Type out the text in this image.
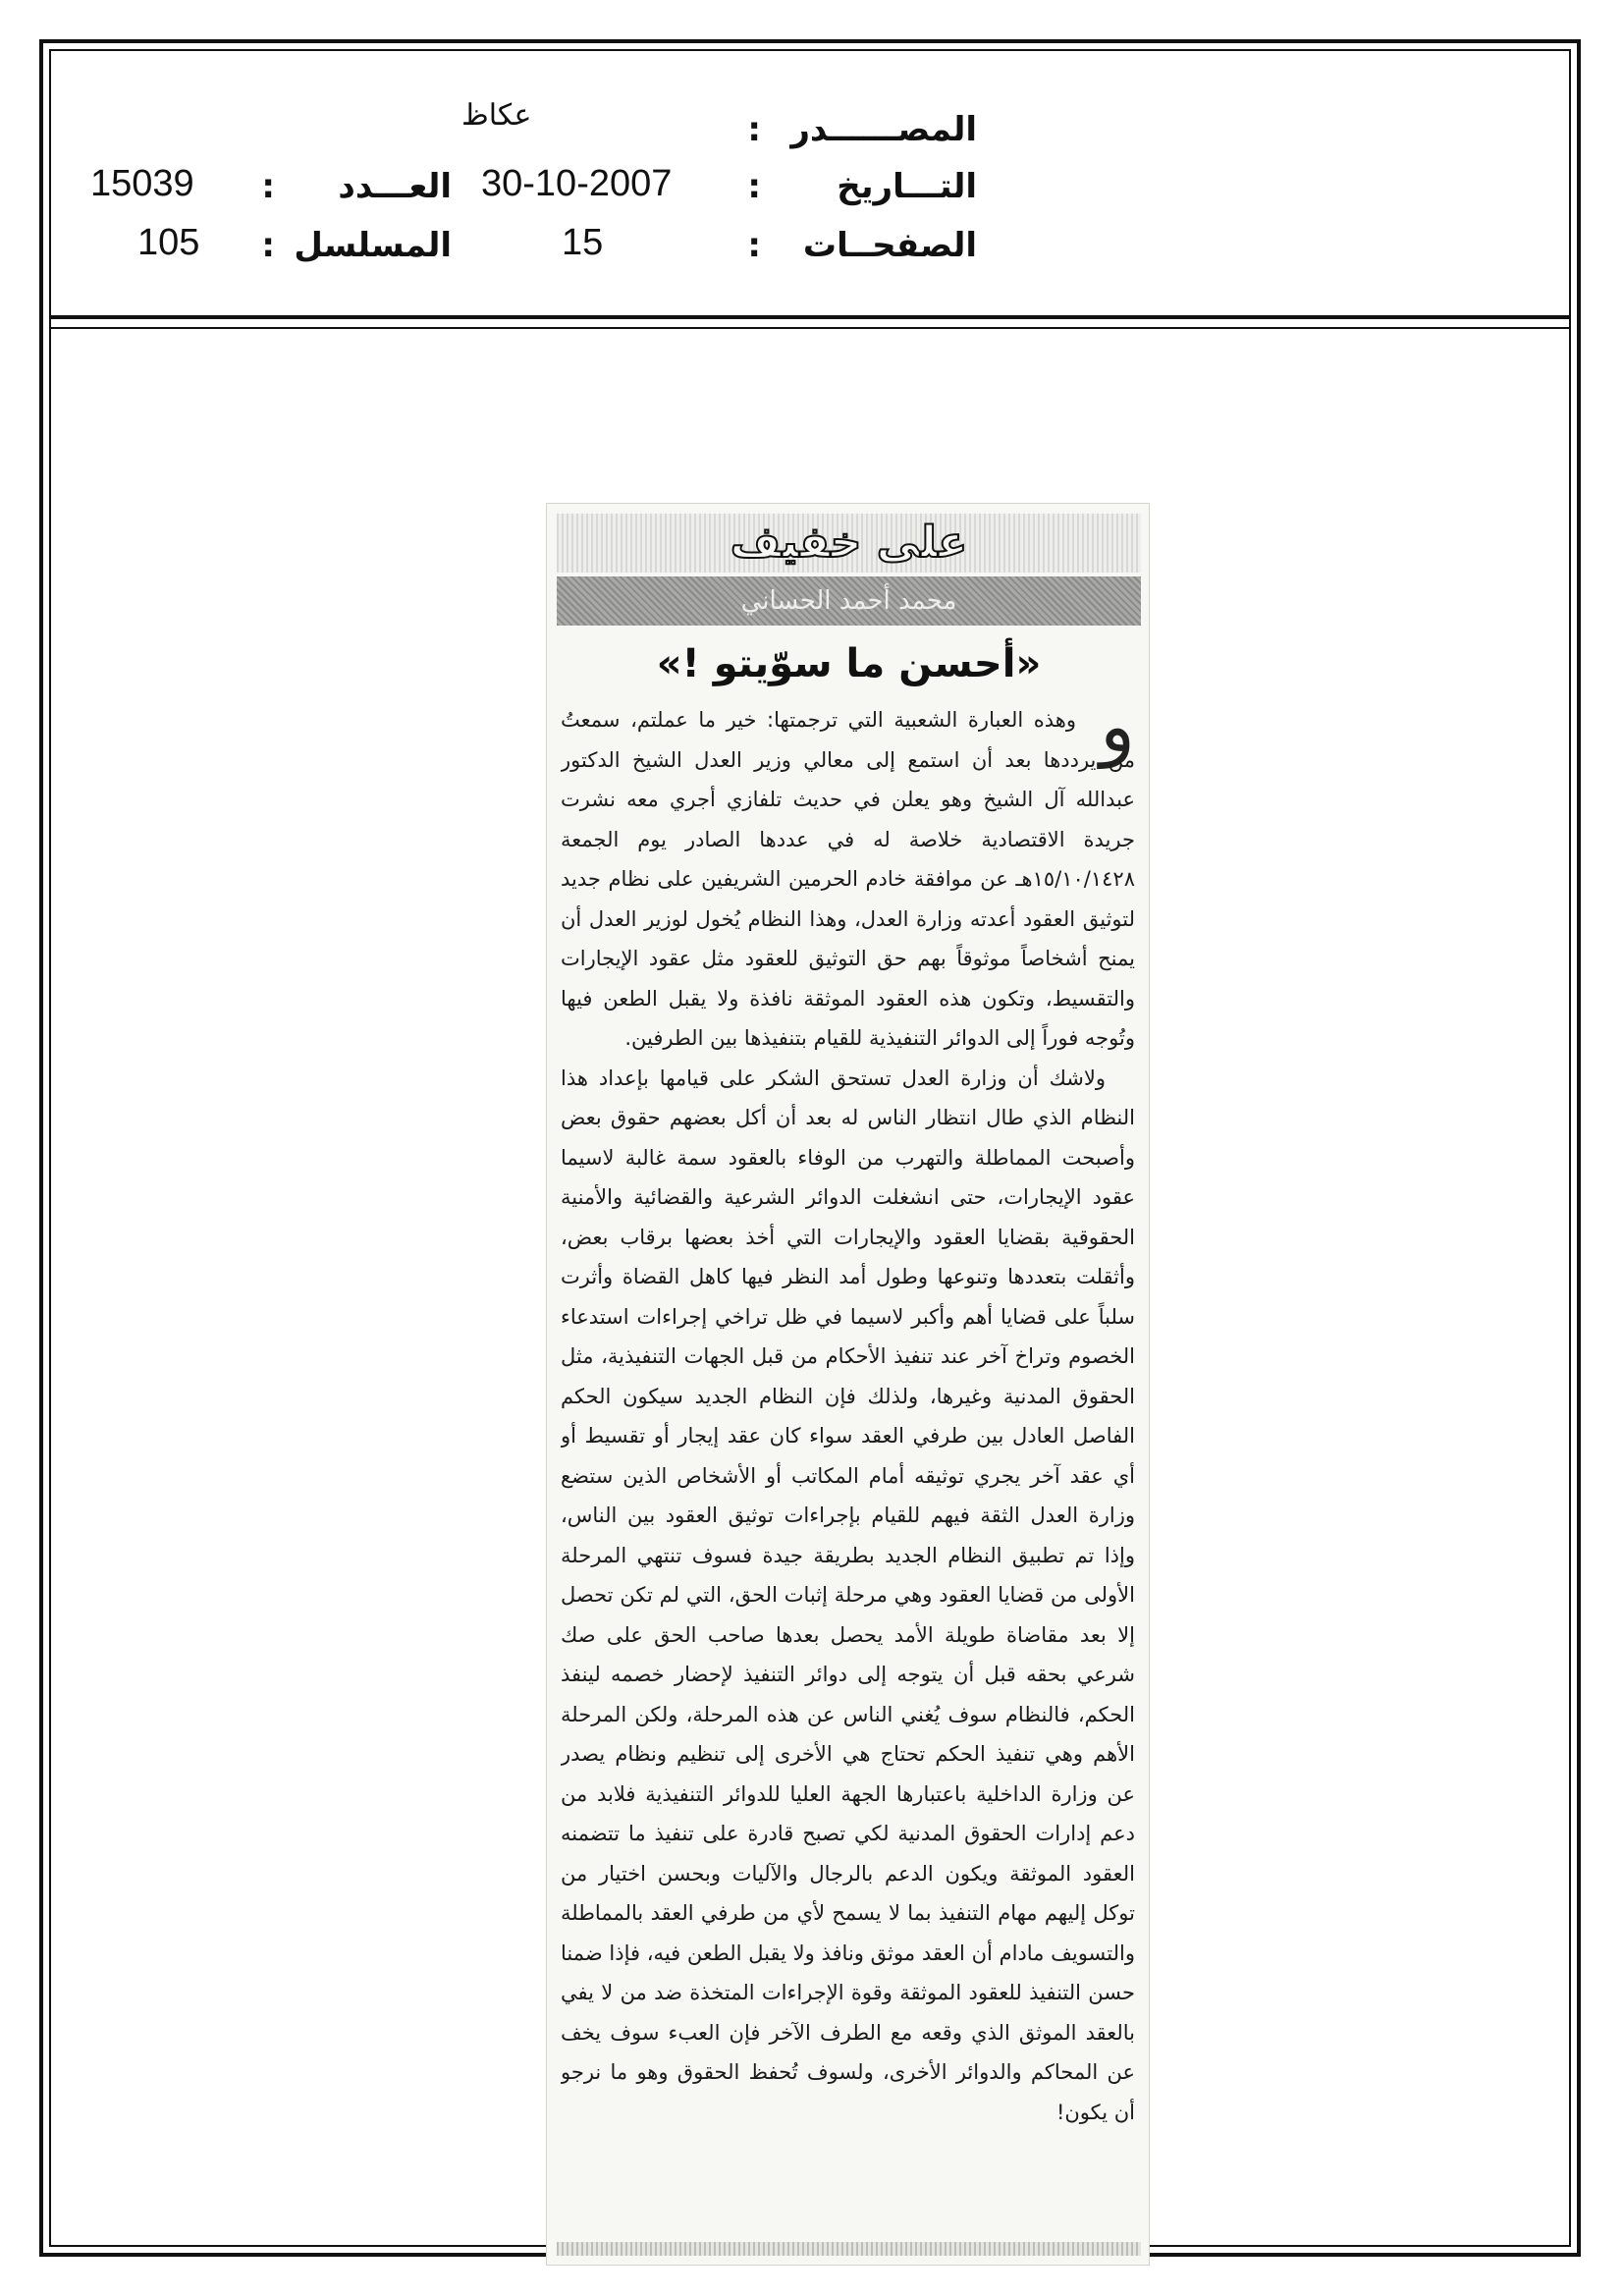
المصــــــدر
:
عكاظ
التـــاريخ
:
30-10-2007
العـــدد
:
15039
الصفحــات
:
15
المسلسل
:
105
على خفيف
محمد أحمد الحساني
«أحسن ما سوّيتو !»
و

وهذه العبارة الشعبية التي ترجمتها: خير ما عملتم، سمعتُ من يرددها بعد أن استمع إلى معالي وزير العدل الشيخ الدكتور عبدالله آل الشيخ وهو يعلن في حديث تلفازي أجري معه نشرت جريدة الاقتصادية خلاصة له في عددها الصادر يوم الجمعة ١٥/١٠/١٤٢٨هـ عن موافقة خادم الحرمين الشريفين على نظام جديد لتوثيق العقود أعدته وزارة العدل، وهذا النظام يُخول لوزير العدل أن يمنح أشخاصاً موثوقاً بهم حق التوثيق للعقود مثل عقود الإيجارات والتقسيط، وتكون هذه العقود الموثقة نافذة ولا يقبل الطعن فيها وتُوجه فوراً إلى الدوائر التنفيذية للقيام بتنفيذها بين الطرفين.

ولاشك أن وزارة العدل تستحق الشكر على قيامها بإعداد هذا النظام الذي طال انتظار الناس له بعد أن أكل بعضهم حقوق بعض وأصبحت المماطلة والتهرب من الوفاء بالعقود سمة غالبة لاسيما عقود الإيجارات، حتى انشغلت الدوائر الشرعية والقضائية والأمنية الحقوقية بقضايا العقود والإيجارات التي أخذ بعضها برقاب بعض، وأثقلت بتعددها وتنوعها وطول أمد النظر فيها كاهل القضاة وأثرت سلباً على قضايا أهم وأكبر لاسيما في ظل تراخي إجراءات استدعاء الخصوم وتراخ آخر عند تنفيذ الأحكام من قبل الجهات التنفيذية، مثل الحقوق المدنية وغيرها، ولذلك فإن النظام الجديد سيكون الحكم الفاصل العادل بين طرفي العقد سواء كان عقد إيجار أو تقسيط أو أي عقد آخر يجري توثيقه أمام المكاتب أو الأشخاص الذين ستضع وزارة العدل الثقة فيهم للقيام بإجراءات توثيق العقود بين الناس، وإذا تم تطبيق النظام الجديد بطريقة جيدة فسوف تنتهي المرحلة الأولى من قضايا العقود وهي مرحلة إثبات الحق، التي لم تكن تحصل إلا بعد مقاضاة طويلة الأمد يحصل بعدها صاحب الحق على صك شرعي بحقه قبل أن يتوجه إلى دوائر التنفيذ لإحضار خصمه لينفذ الحكم، فالنظام سوف يُغني الناس عن هذه المرحلة، ولكن المرحلة الأهم وهي تنفيذ الحكم تحتاج هي الأخرى إلى تنظيم ونظام يصدر عن وزارة الداخلية باعتبارها الجهة العليا للدوائر التنفيذية فلابد من دعم إدارات الحقوق المدنية لكي تصبح قادرة على تنفيذ ما تتضمنه العقود الموثقة ويكون الدعم بالرجال والآليات وبحسن اختيار من توكل إليهم مهام التنفيذ بما لا يسمح لأي من طرفي العقد بالمماطلة والتسويف مادام أن العقد موثق ونافذ ولا يقبل الطعن فيه، فإذا ضمنا حسن التنفيذ للعقود الموثقة وقوة الإجراءات المتخذة ضد من لا يفي بالعقد الموثق الذي وقعه مع الطرف الآخر فإن العبء سوف يخف عن المحاكم والدوائر الأخرى، ولسوف تُحفظ الحقوق وهو ما نرجو أن يكون!
